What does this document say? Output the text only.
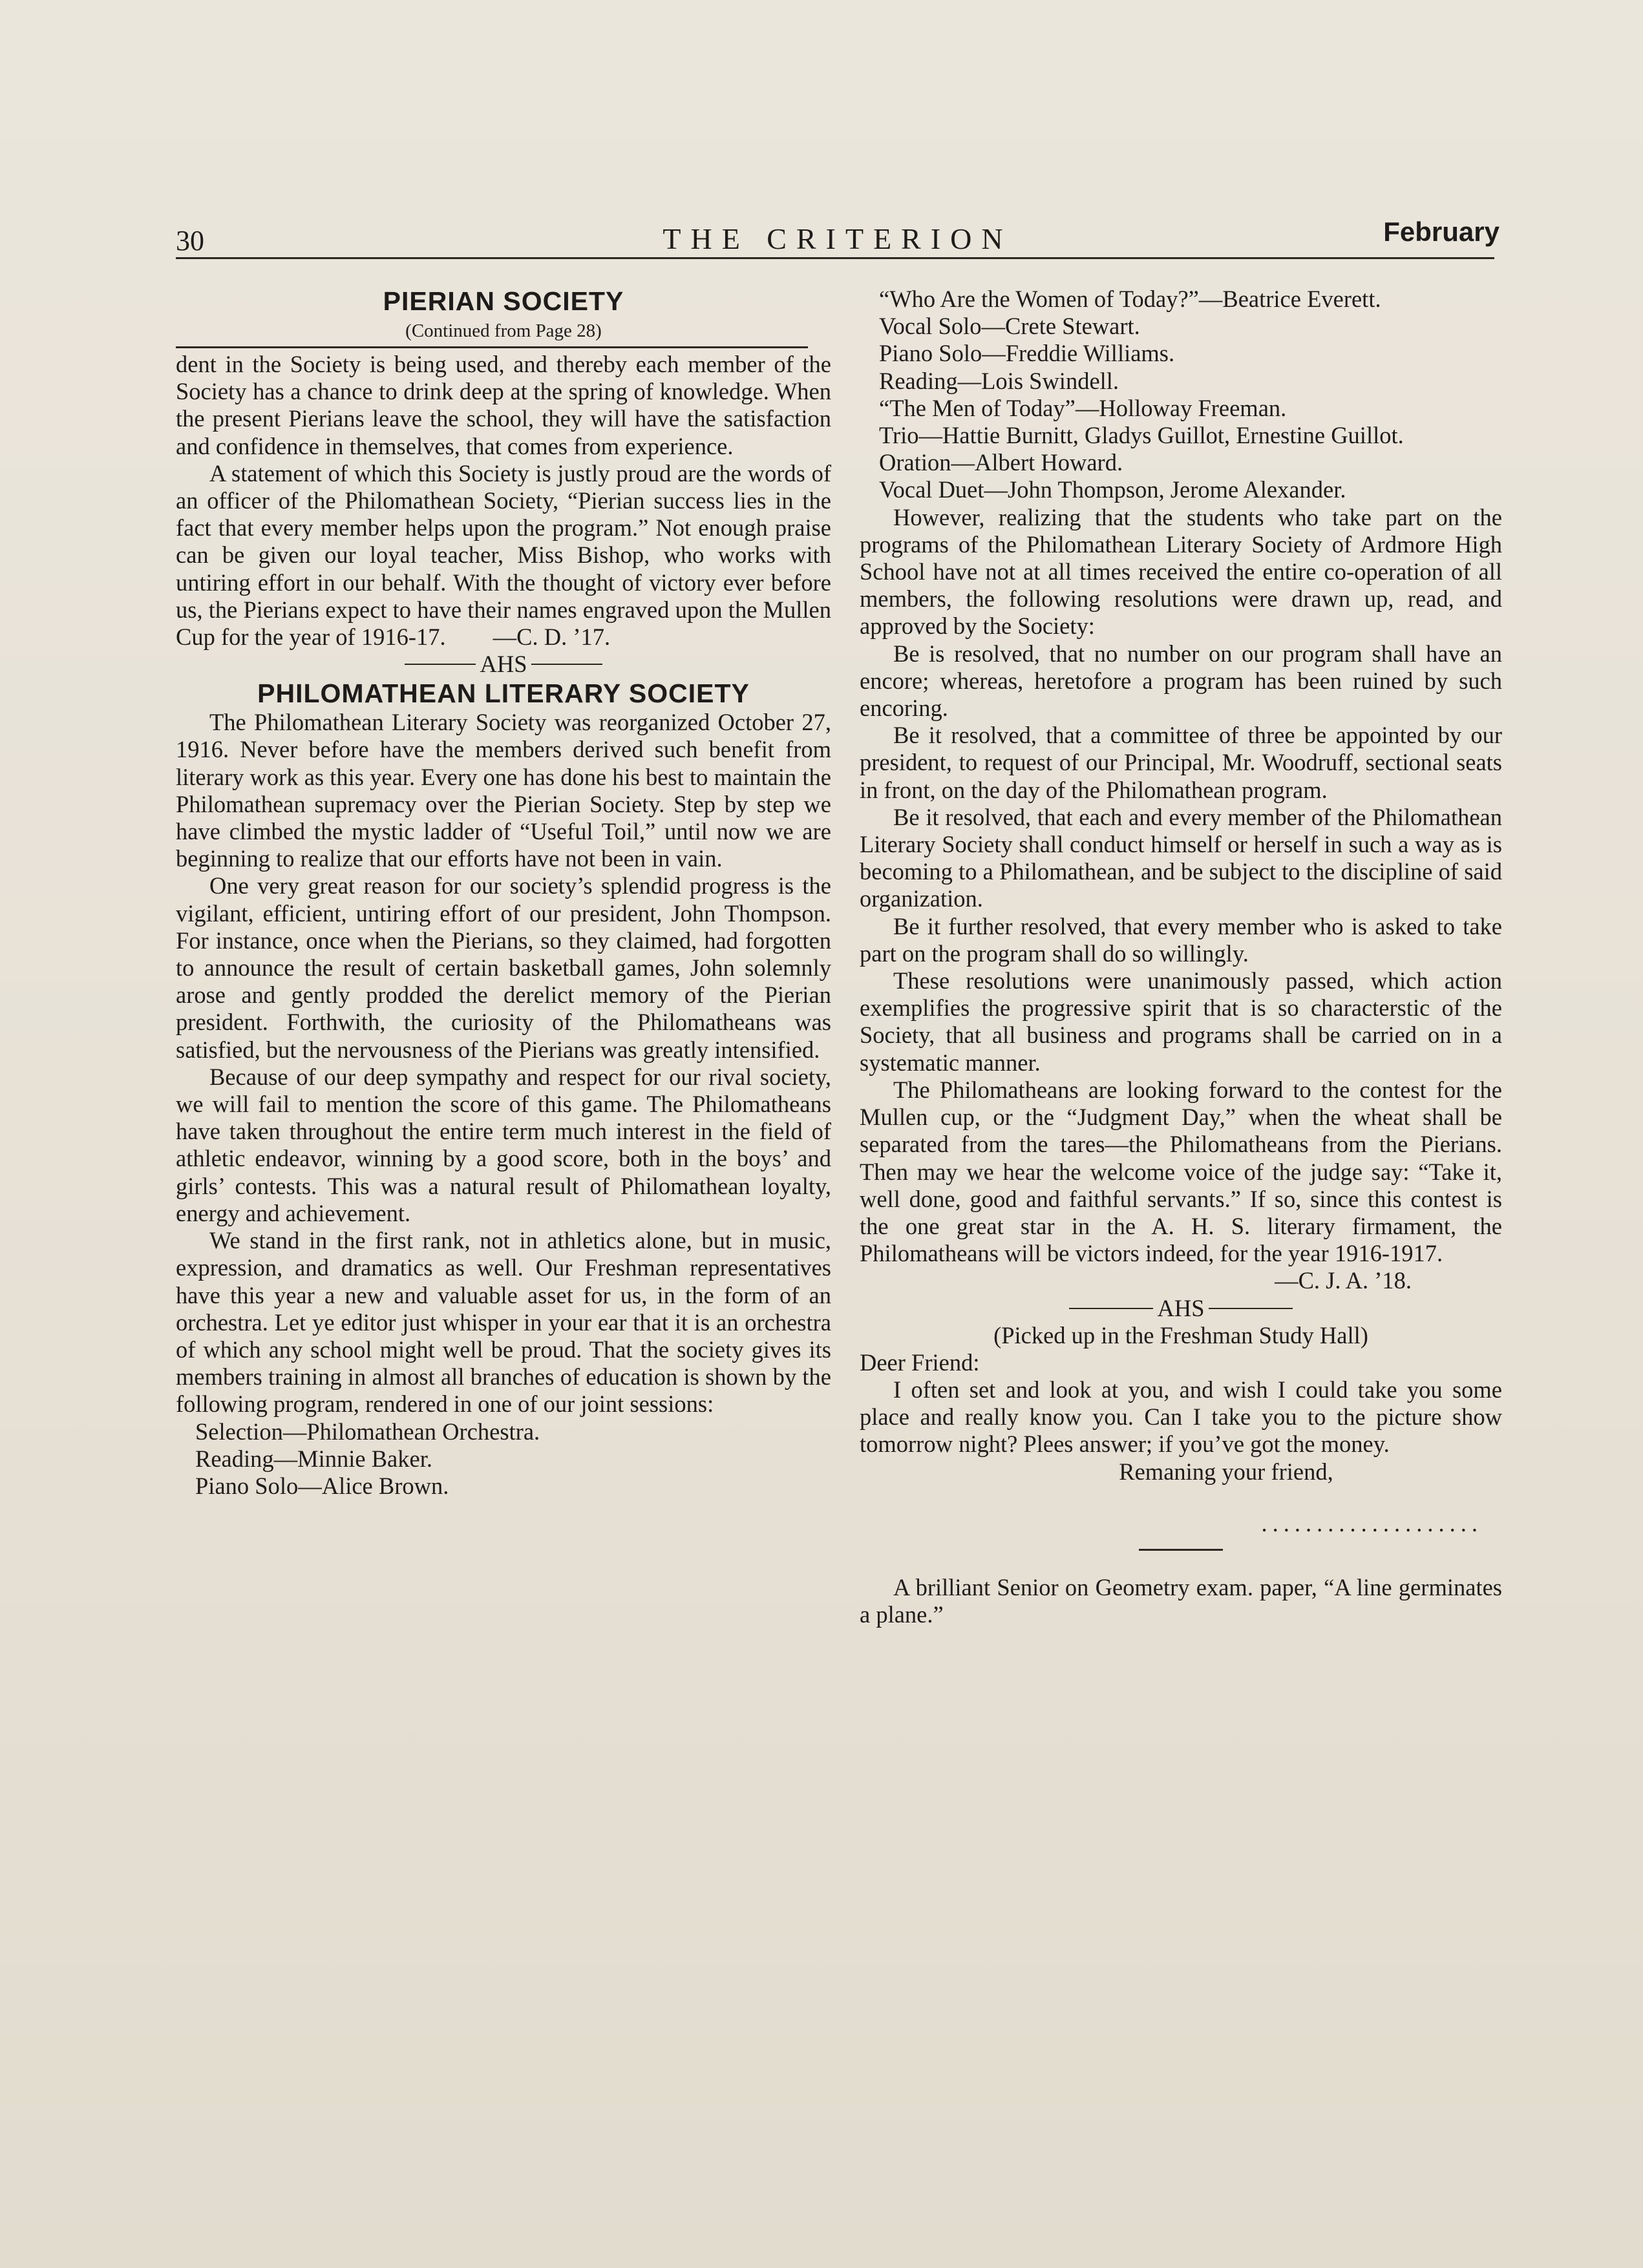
30	THE CRITERION	February
PIERIAN SOCIETY
(Continued from Page 28)

dent in the Society is being used, and thereby each member of the Society has a chance to drink deep at the spring of knowledge. When the present Pierians leave the school, they will have the satisfaction and confidence in themselves, that comes from experience.

A statement of which this Society is justly proud are the words of an officer of the Philomathean Society, “Pierian success lies in the fact that every member helps upon the program.” Not enough praise can be given our loyal teacher, Miss Bishop, who works with untiring effort in our behalf. With the thought of victory ever before us, the Pierians expect to have their names engraved upon the Mullen Cup for the year of 1916-17. —C. D. ’17.

AHS
PHILOMATHEAN LITERARY SOCIETY

The Philomathean Literary Society was reorganized October 27, 1916. Never before have the members derived such benefit from literary work as this year. Every one has done his best to maintain the Philomathean supremacy over the Pierian Society. Step by step we have climbed the mystic ladder of “Useful Toil,” until now we are beginning to realize that our efforts have not been in vain.

One very great reason for our society’s splendid progress is the vigilant, efficient, untiring effort of our president, John Thompson. For instance, once when the Pierians, so they claimed, had forgotten to announce the result of certain basketball games, John solemnly arose and gently prodded the derelict memory of the Pierian president. Forthwith, the curiosity of the Philomatheans was satisfied, but the nervousness of the Pierians was greatly intensified.

Because of our deep sympathy and respect for our rival society, we will fail to mention the score of this game. The Philomatheans have taken throughout the entire term much interest in the field of athletic endeavor, winning by a good score, both in the boys’ and girls’ contests. This was a natural result of Philomathean loyalty, energy and achievement.

We stand in the first rank, not in athletics alone, but in music, expression, and dramatics as well. Our Freshman representatives have this year a new and valuable asset for us, in the form of an orchestra. Let ye editor just whisper in your ear that it is an orchestra of which any school might well be proud. That the society gives its members training in almost all branches of education is shown by the following program, rendered in one of our joint sessions:

Selection—Philomathean Orchestra.

Reading—Minnie Baker.

Piano Solo—Alice Brown.

“Who Are the Women of Today?”—Beatrice Everett.

Vocal Solo—Crete Stewart.

Piano Solo—Freddie Williams.

Reading—Lois Swindell.

“The Men of Today”—Holloway Freeman.

Trio—Hattie Burnitt, Gladys Guillot, Ernestine Guillot.

Oration—Albert Howard.

Vocal Duet—John Thompson, Jerome Alexander.

However, realizing that the students who take part on the programs of the Philomathean Literary Society of Ardmore High School have not at all times received the entire co-operation of all members, the following resolutions were drawn up, read, and approved by the Society:

Be is resolved, that no number on our program shall have an encore; whereas, heretofore a program has been ruined by such encoring.

Be it resolved, that a committee of three be appointed by our president, to request of our Principal, Mr. Woodruff, sectional seats in front, on the day of the Philomathean program.

Be it resolved, that each and every member of the Philomathean Literary Society shall conduct himself or herself in such a way as is becoming to a Philomathean, and be subject to the discipline of said organization.

Be it further resolved, that every member who is asked to take part on the program shall do so willingly.

These resolutions were unanimously passed, which action exemplifies the progressive spirit that is so characterstic of the Society, that all business and programs shall be carried on in a systematic manner.

The Philomatheans are looking forward to the contest for the Mullen cup, or the “Judgment Day,” when the wheat shall be separated from the tares—the Philomatheans from the Pierians. Then may we hear the welcome voice of the judge say: “Take it, well done, good and faithful servants.” If so, since this contest is the one great star in the A. H. S. literary firmament, the Philomatheans will be victors indeed, for the year 1916-1917.

—C. J. A. ’18.

AHS

(Picked up in the Freshman Study Hall)

Deer Friend:

I often set and look at you, and wish I could take you some place and really know you. Can I take you to the picture show tomorrow night? Plees answer; if you’ve got the money.

Remaning your friend,

....................

A brilliant Senior on Geometry exam. paper, “A line germinates a plane.”
